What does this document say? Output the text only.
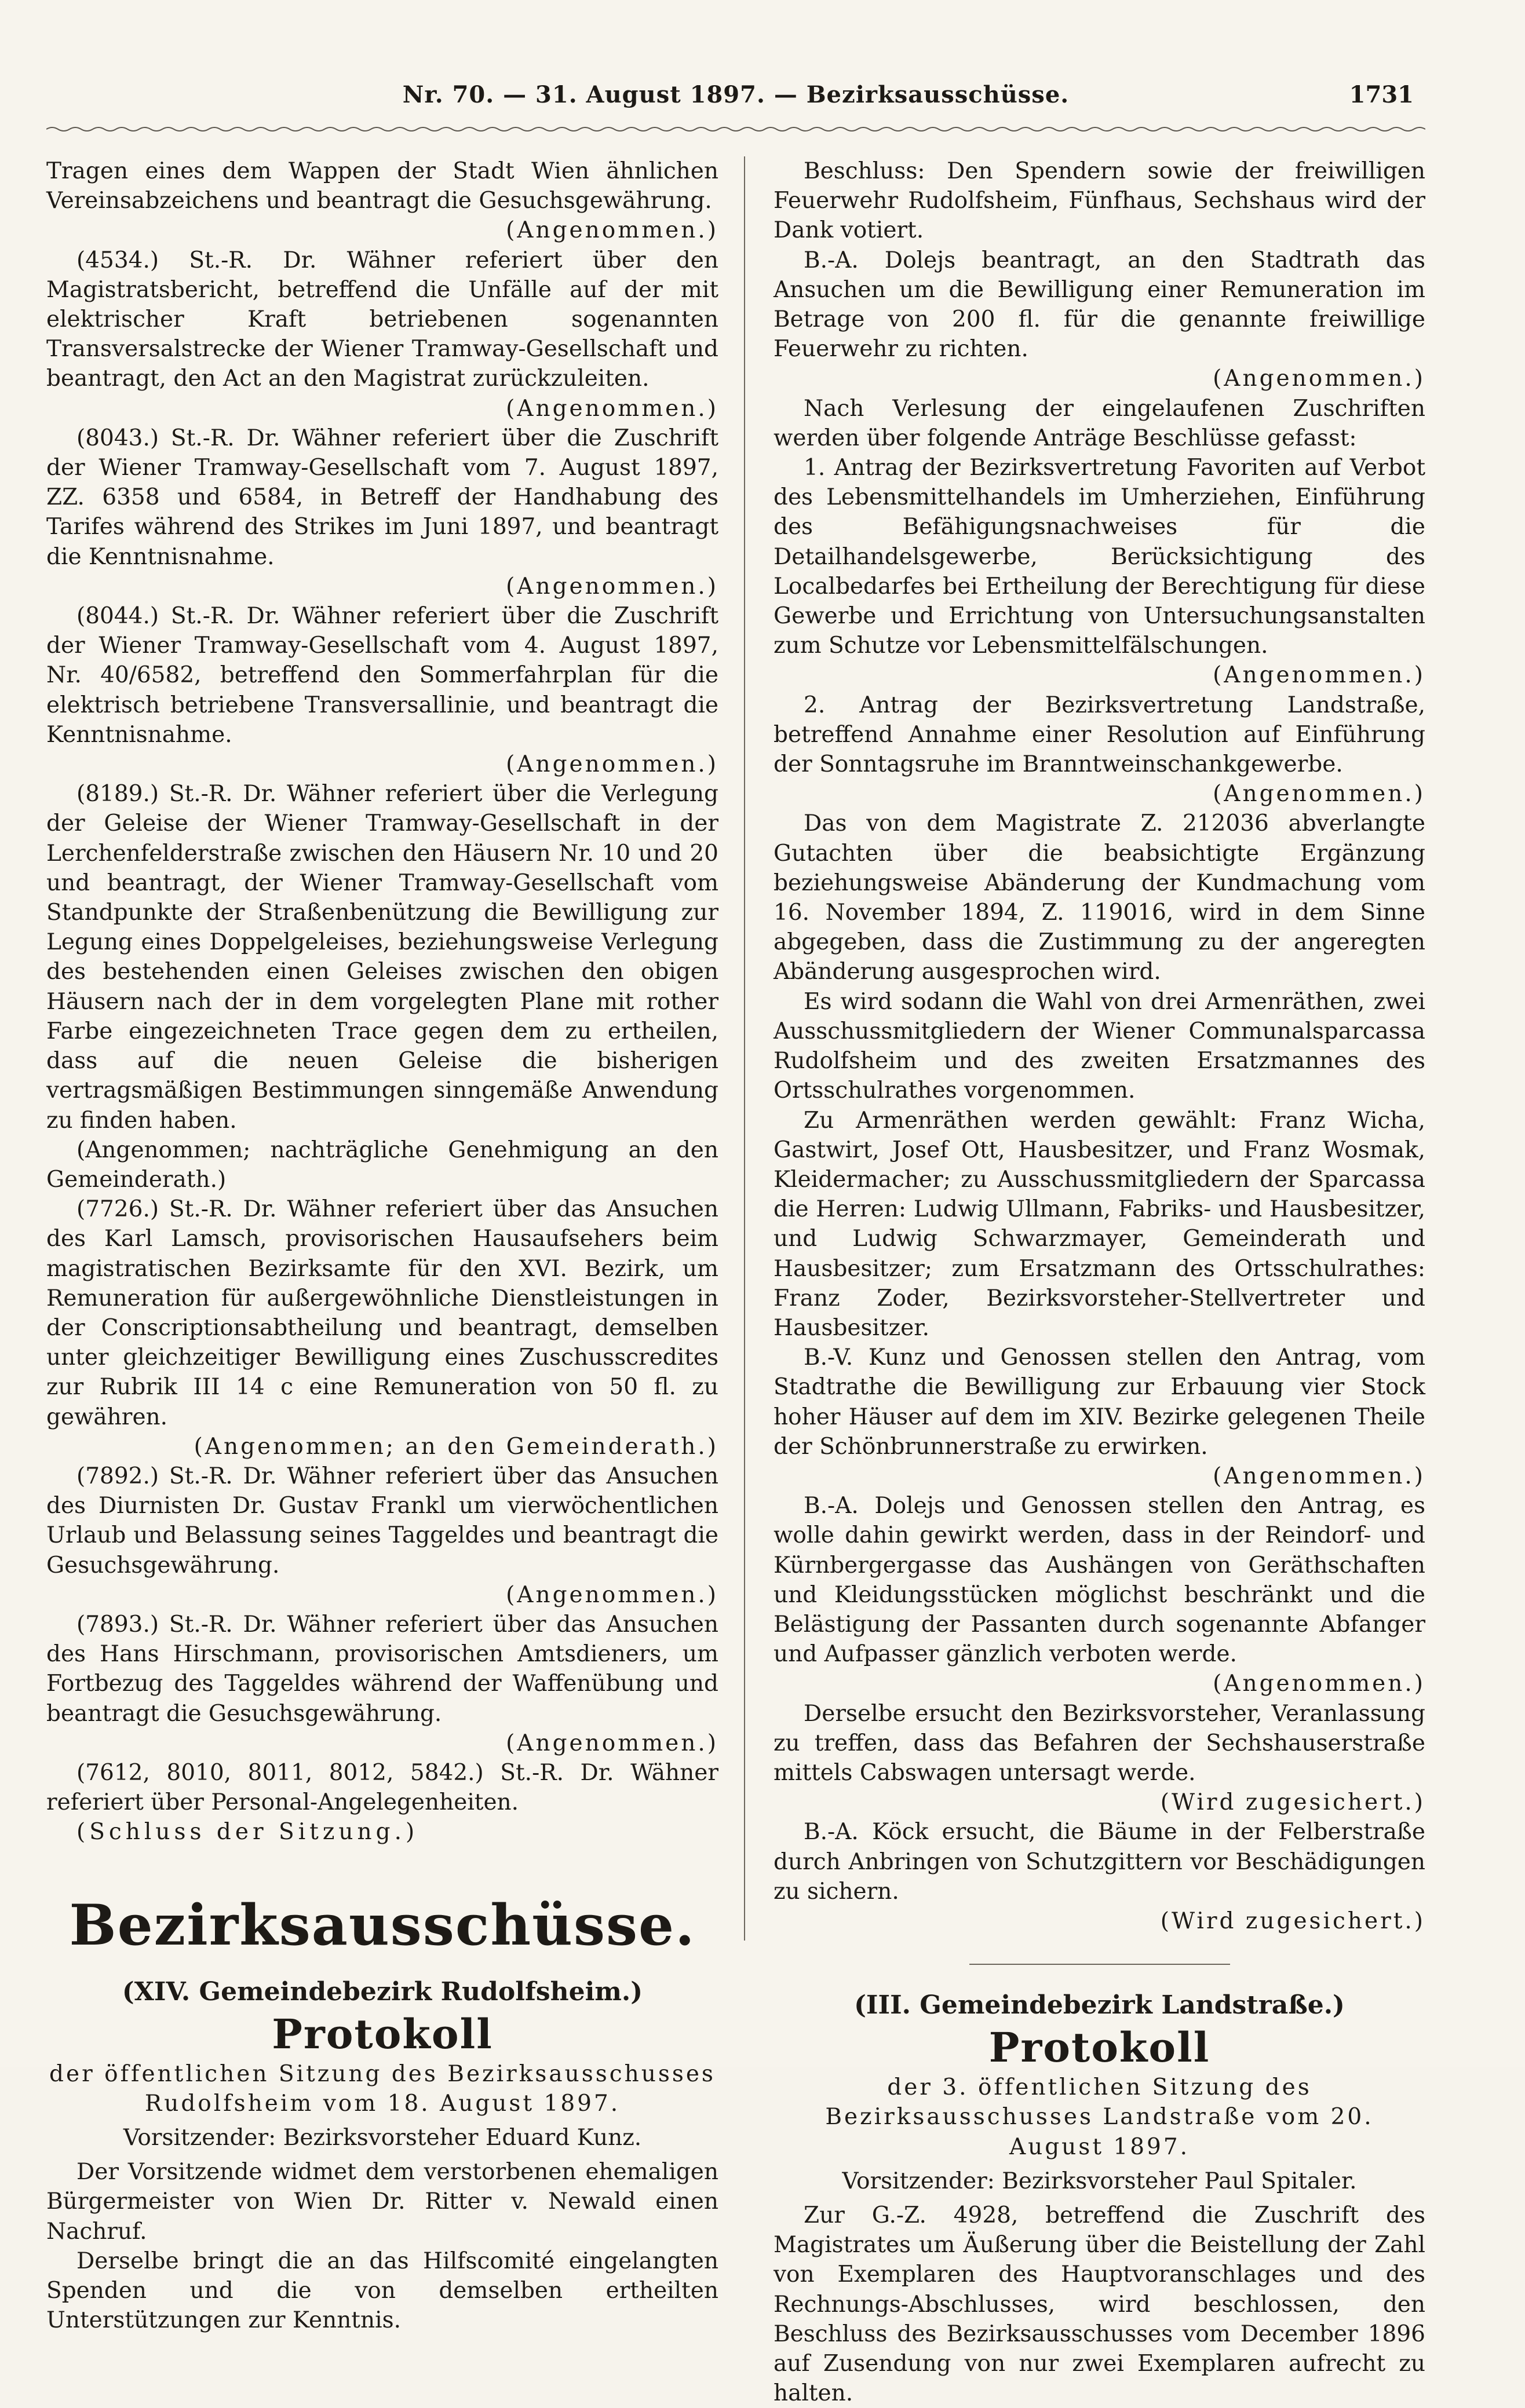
Nr. 70. — 31. August 1897. — Bezirksausschüsse.	1731

Tragen eines dem Wappen der Stadt Wien ähnlichen Vereinsabzeichens und beantragt die Gesuchsgewährung.

(Angenommen.)

(4534.) St.-R. Dr. Wähner referiert über den Magistratsbericht, betreffend die Unfälle auf der mit elektrischer Kraft betriebenen sogenannten Transversalstrecke der Wiener Tramway-Gesellschaft und beantragt, den Act an den Magistrat zurückzuleiten.

(Angenommen.)

(8043.) St.-R. Dr. Wähner referiert über die Zuschrift der Wiener Tramway-Gesellschaft vom 7. August 1897, ZZ. 6358 und 6584, in Betreff der Handhabung des Tarifes während des Strikes im Juni 1897, und beantragt die Kenntnisnahme.

(Angenommen.)

(8044.) St.-R. Dr. Wähner referiert über die Zuschrift der Wiener Tramway-Gesellschaft vom 4. August 1897, Nr. 40/6582, betreffend den Sommerfahrplan für die elektrisch betriebene Transversallinie, und beantragt die Kenntnisnahme.

(Angenommen.)

(8189.) St.-R. Dr. Wähner referiert über die Verlegung der Geleise der Wiener Tramway-Gesellschaft in der Lerchenfelderstraße zwischen den Häusern Nr. 10 und 20 und beantragt, der Wiener Tramway-Gesellschaft vom Standpunkte der Straßenbenützung die Bewilligung zur Legung eines Doppelgeleises, beziehungsweise Verlegung des bestehenden einen Geleises zwischen den obigen Häusern nach der in dem vorgelegten Plane mit rother Farbe eingezeichneten Trace gegen dem zu ertheilen, dass auf die neuen Geleise die bisherigen vertragsmäßigen Bestimmungen sinngemäße Anwendung zu finden haben.

(Angenommen; nachträgliche Genehmigung an den Gemeinderath.)

(7726.) St.-R. Dr. Wähner referiert über das Ansuchen des Karl Lamsch, provisorischen Hausaufsehers beim magistratischen Bezirksamte für den XVI. Bezirk, um Remuneration für außergewöhnliche Dienstleistungen in der Conscriptionsabtheilung und beantragt, demselben unter gleichzeitiger Bewilligung eines Zuschusscredites zur Rubrik III 14 c eine Remuneration von 50 fl. zu gewähren.

(Angenommen; an den Gemeinderath.)

(7892.) St.-R. Dr. Wähner referiert über das Ansuchen des Diurnisten Dr. Gustav Frankl um vierwöchentlichen Urlaub und Belassung seines Taggeldes und beantragt die Gesuchsgewährung.

(Angenommen.)

(7893.) St.-R. Dr. Wähner referiert über das Ansuchen des Hans Hirschmann, provisorischen Amtsdieners, um Fortbezug des Taggeldes während der Waffenübung und beantragt die Gesuchsgewährung.

(Angenommen.)

(7612, 8010, 8011, 8012, 5842.) St.-R. Dr. Wähner referiert über Personal-Angelegenheiten.

(Schluss der Sitzung.)

Bezirksausschüsse.
(XIV. Gemeindebezirk Rudolfsheim.)
Protokoll

der öffentlichen Sitzung des Bezirksausschusses Rudolfsheim vom 18. August 1897.

Vorsitzender: Bezirksvorsteher Eduard Kunz.

Der Vorsitzende widmet dem verstorbenen ehemaligen Bürgermeister von Wien Dr. Ritter v. Newald einen Nachruf.

Derselbe bringt die an das Hilfscomité eingelangten Spenden und die von demselben ertheilten Unterstützungen zur Kenntnis.

Beschluss: Den Spendern sowie der freiwilligen Feuerwehr Rudolfsheim, Fünfhaus, Sechshaus wird der Dank votiert.

B.-A. Dolejs beantragt, an den Stadtrath das Ansuchen um die Bewilligung einer Remuneration im Betrage von 200 fl. für die genannte freiwillige Feuerwehr zu richten.

(Angenommen.)

Nach Verlesung der eingelaufenen Zuschriften werden über folgende Anträge Beschlüsse gefasst:

1. Antrag der Bezirksvertretung Favoriten auf Verbot des Lebensmittelhandels im Umherziehen, Einführung des Befähigungsnachweises für die Detailhandelsgewerbe, Berücksichtigung des Localbedarfes bei Ertheilung der Berechtigung für diese Gewerbe und Errichtung von Untersuchungsanstalten zum Schutze vor Lebensmittelfälschungen.

(Angenommen.)

2. Antrag der Bezirksvertretung Landstraße, betreffend Annahme einer Resolution auf Einführung der Sonntagsruhe im Branntweinschankgewerbe.

(Angenommen.)

Das von dem Magistrate Z. 212036 abverlangte Gutachten über die beabsichtigte Ergänzung beziehungsweise Abänderung der Kundmachung vom 16. November 1894, Z. 119016, wird in dem Sinne abgegeben, dass die Zustimmung zu der angeregten Abänderung ausgesprochen wird.

Es wird sodann die Wahl von drei Armenräthen, zwei Ausschussmitgliedern der Wiener Communalsparcassa Rudolfsheim und des zweiten Ersatzmannes des Ortsschulrathes vorgenommen.

Zu Armenräthen werden gewählt: Franz Wicha, Gastwirt, Josef Ott, Hausbesitzer, und Franz Wosmak, Kleidermacher; zu Ausschussmitgliedern der Sparcassa die Herren: Ludwig Ullmann, Fabriks- und Hausbesitzer, und Ludwig Schwarzmayer, Gemeinderath und Hausbesitzer; zum Ersatzmann des Ortsschulrathes: Franz Zoder, Bezirksvorsteher-Stellvertreter und Hausbesitzer.

B.-V. Kunz und Genossen stellen den Antrag, vom Stadtrathe die Bewilligung zur Erbauung vier Stock hoher Häuser auf dem im XIV. Bezirke gelegenen Theile der Schönbrunnerstraße zu erwirken.

(Angenommen.)

B.-A. Dolejs und Genossen stellen den Antrag, es wolle dahin gewirkt werden, dass in der Reindorf- und Kürnbergergasse das Aushängen von Geräthschaften und Kleidungsstücken möglichst beschränkt und die Belästigung der Passanten durch sogenannte Abfanger und Aufpasser gänzlich verboten werde.

(Angenommen.)

Derselbe ersucht den Bezirksvorsteher, Veranlassung zu treffen, dass das Befahren der Sechshauserstraße mittels Cabswagen untersagt werde.

(Wird zugesichert.)

B.-A. Köck ersucht, die Bäume in der Felberstraße durch Anbringen von Schutzgittern vor Beschädigungen zu sichern.

(Wird zugesichert.)

(III. Gemeindebezirk Landstraße.)
Protokoll

der 3. öffentlichen Sitzung des Bezirksausschusses Landstraße vom 20. August 1897.

Vorsitzender: Bezirksvorsteher Paul Spitaler.

Zur G.-Z. 4928, betreffend die Zuschrift des Magistrates um Äußerung über die Beistellung der Zahl von Exemplaren des Hauptvoranschlages und des Rechnungs-Abschlusses, wird beschlossen, den Beschluss des Bezirksausschusses vom December 1896 auf Zusendung von nur zwei Exemplaren aufrecht zu halten.
